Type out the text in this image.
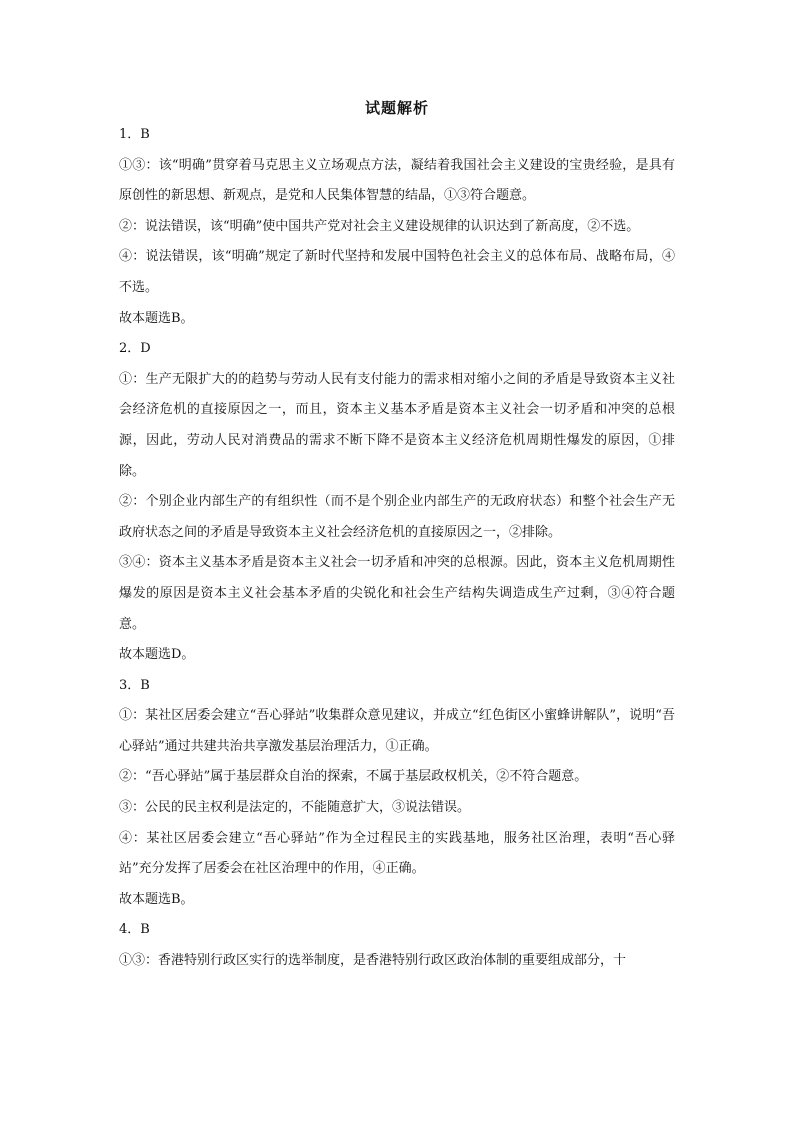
试题解析
1．B
①③：该“明确”贯穿着马克思主义立场观点方法，凝结着我国社会主义建设的宝贵经验，是具有原创性的新思想、新观点，是党和人民集体智慧的结晶，①③符合题意。
②：说法错误，该“明确”使中国共产党对社会主义建设规律的认识达到了新高度，②不选。
④：说法错误，该“明确”规定了新时代坚持和发展中国特色社会主义的总体布局、战略布局，④不选。
故本题选B。
2．D
①：生产无限扩大的的趋势与劳动人民有支付能力的需求相对缩小之间的矛盾是导致资本主义社会经济危机的直接原因之一，而且，资本主义基本矛盾是资本主义社会一切矛盾和冲突的总根源，因此，劳动人民对消费品的需求不断下降不是资本主义经济危机周期性爆发的原因，①排除。
②：个别企业内部生产的有组织性（而不是个别企业内部生产的无政府状态）和整个社会生产无政府状态之间的矛盾是导致资本主义社会经济危机的直接原因之一，②排除。
③④：资本主义基本矛盾是资本主义社会一切矛盾和冲突的总根源。因此，资本主义危机周期性爆发的原因是资本主义社会基本矛盾的尖锐化和社会生产结构失调造成生产过剩，③④符合题意。
故本题选D。
3．B
①：某社区居委会建立“吾心驿站”收集群众意见建议，并成立“红色街区小蜜蜂讲解队”，说明“吾心驿站”通过共建共治共享激发基层治理活力，①正确。
②：“吾心驿站”属于基层群众自治的探索，不属于基层政权机关，②不符合题意。
③：公民的民主权利是法定的，不能随意扩大，③说法错误。
④：某社区居委会建立“吾心驿站”作为全过程民主的实践基地，服务社区治理，表明“吾心驿站”充分发挥了居委会在社区治理中的作用，④正确。
故本题选B。
4．B
①③：香港特别行政区实行的选举制度，是香港特别行政区政治体制的重要组成部分，十
